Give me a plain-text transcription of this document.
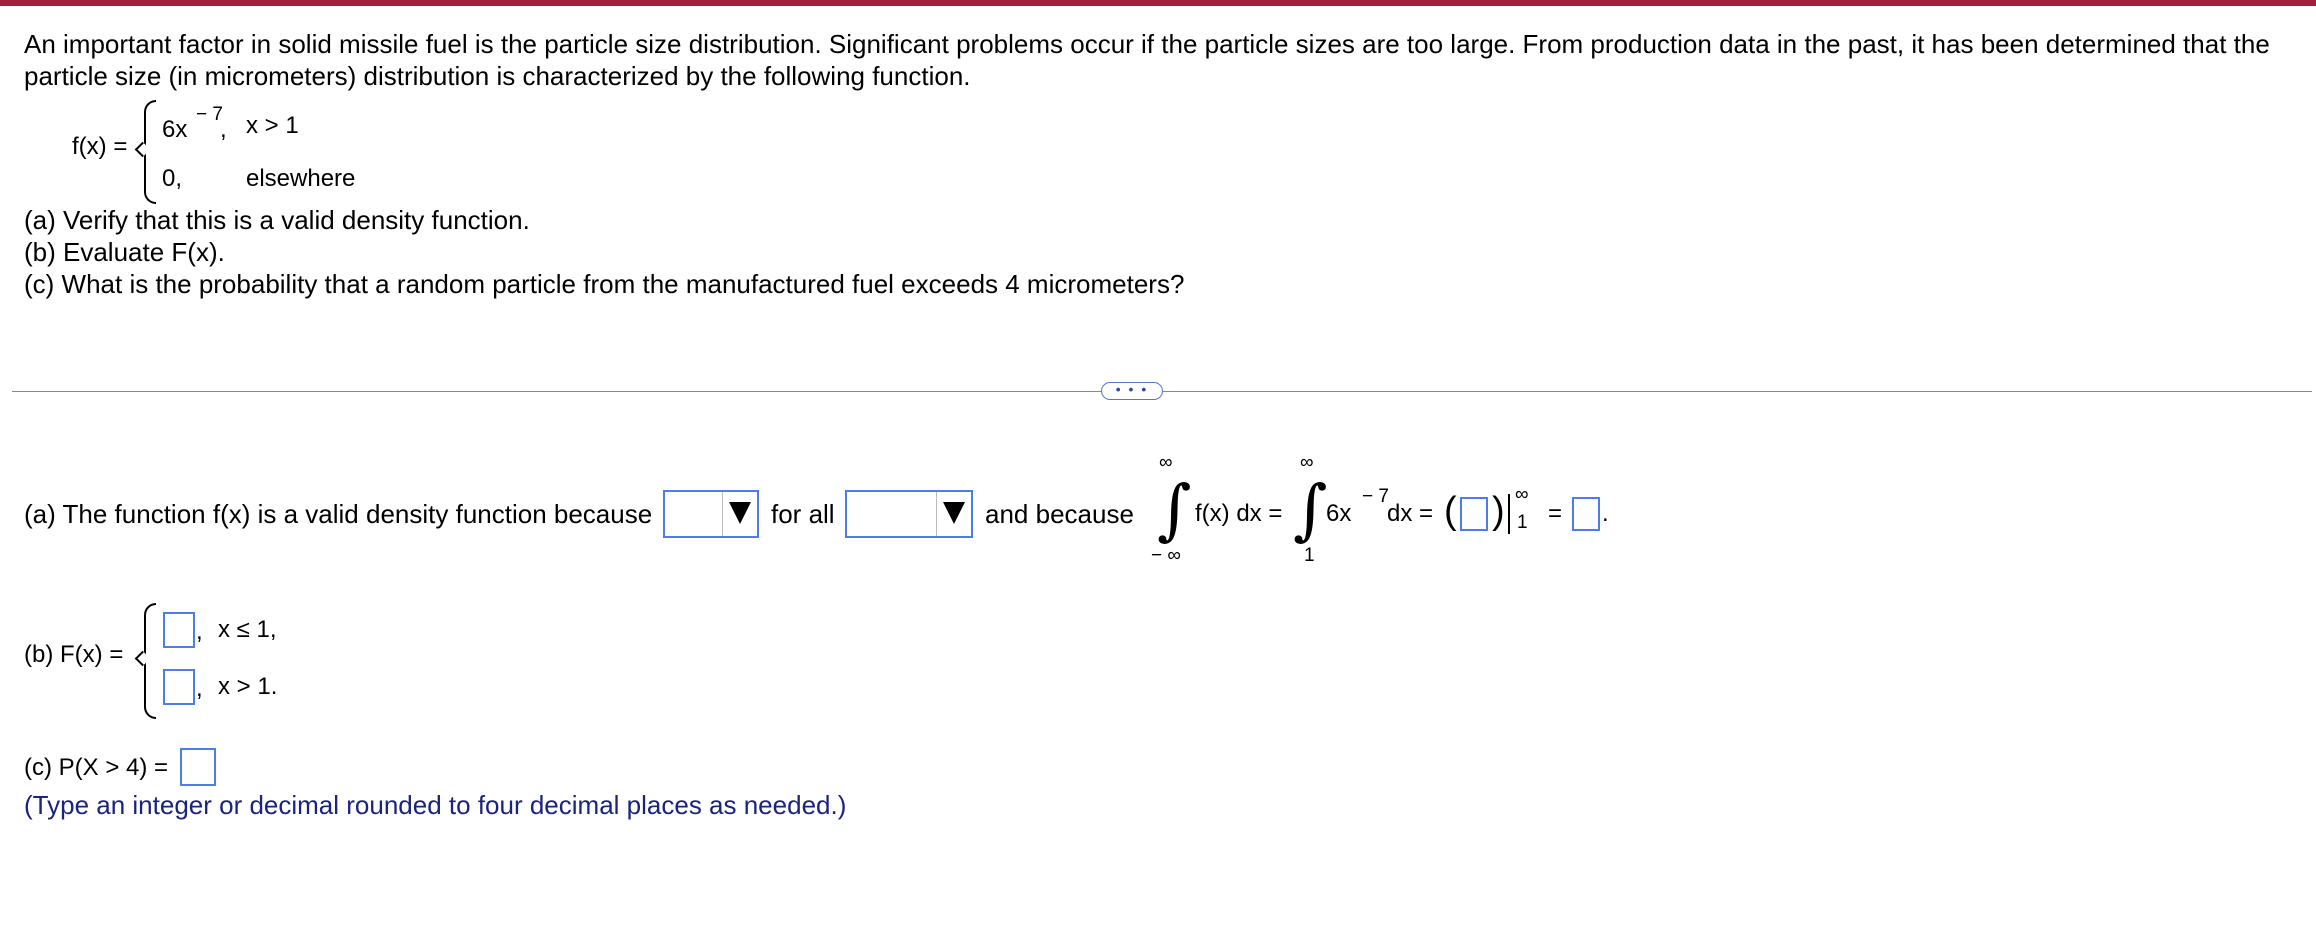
An important factor in solid missile fuel is the particle size distribution. Significant problems occur if the particle sizes are too large. From production data in the past, it has been determined that the
particle size (in micrometers) distribution is characterized by the following function.
f(x) =
6x
− 7
, x > 1
0,	elsewhere
(a) Verify that this is a valid density function.
(b) Evaluate F(x).
(c) What is the probability that a random particle from the manufactured fuel exceeds 4 micrometers?
• • •
(a) The function f(x) is a valid density function because	for all	and because
∞
∫
− ∞
f(x) dx =
∞
∫
1
6x
− 7
dx = ( ) ∞
1 = .
(b) F(x) =
, x ≤ 1,
, x > 1.
(c) P(X > 4) =
(Type an integer or decimal rounded to four decimal places as needed.)
